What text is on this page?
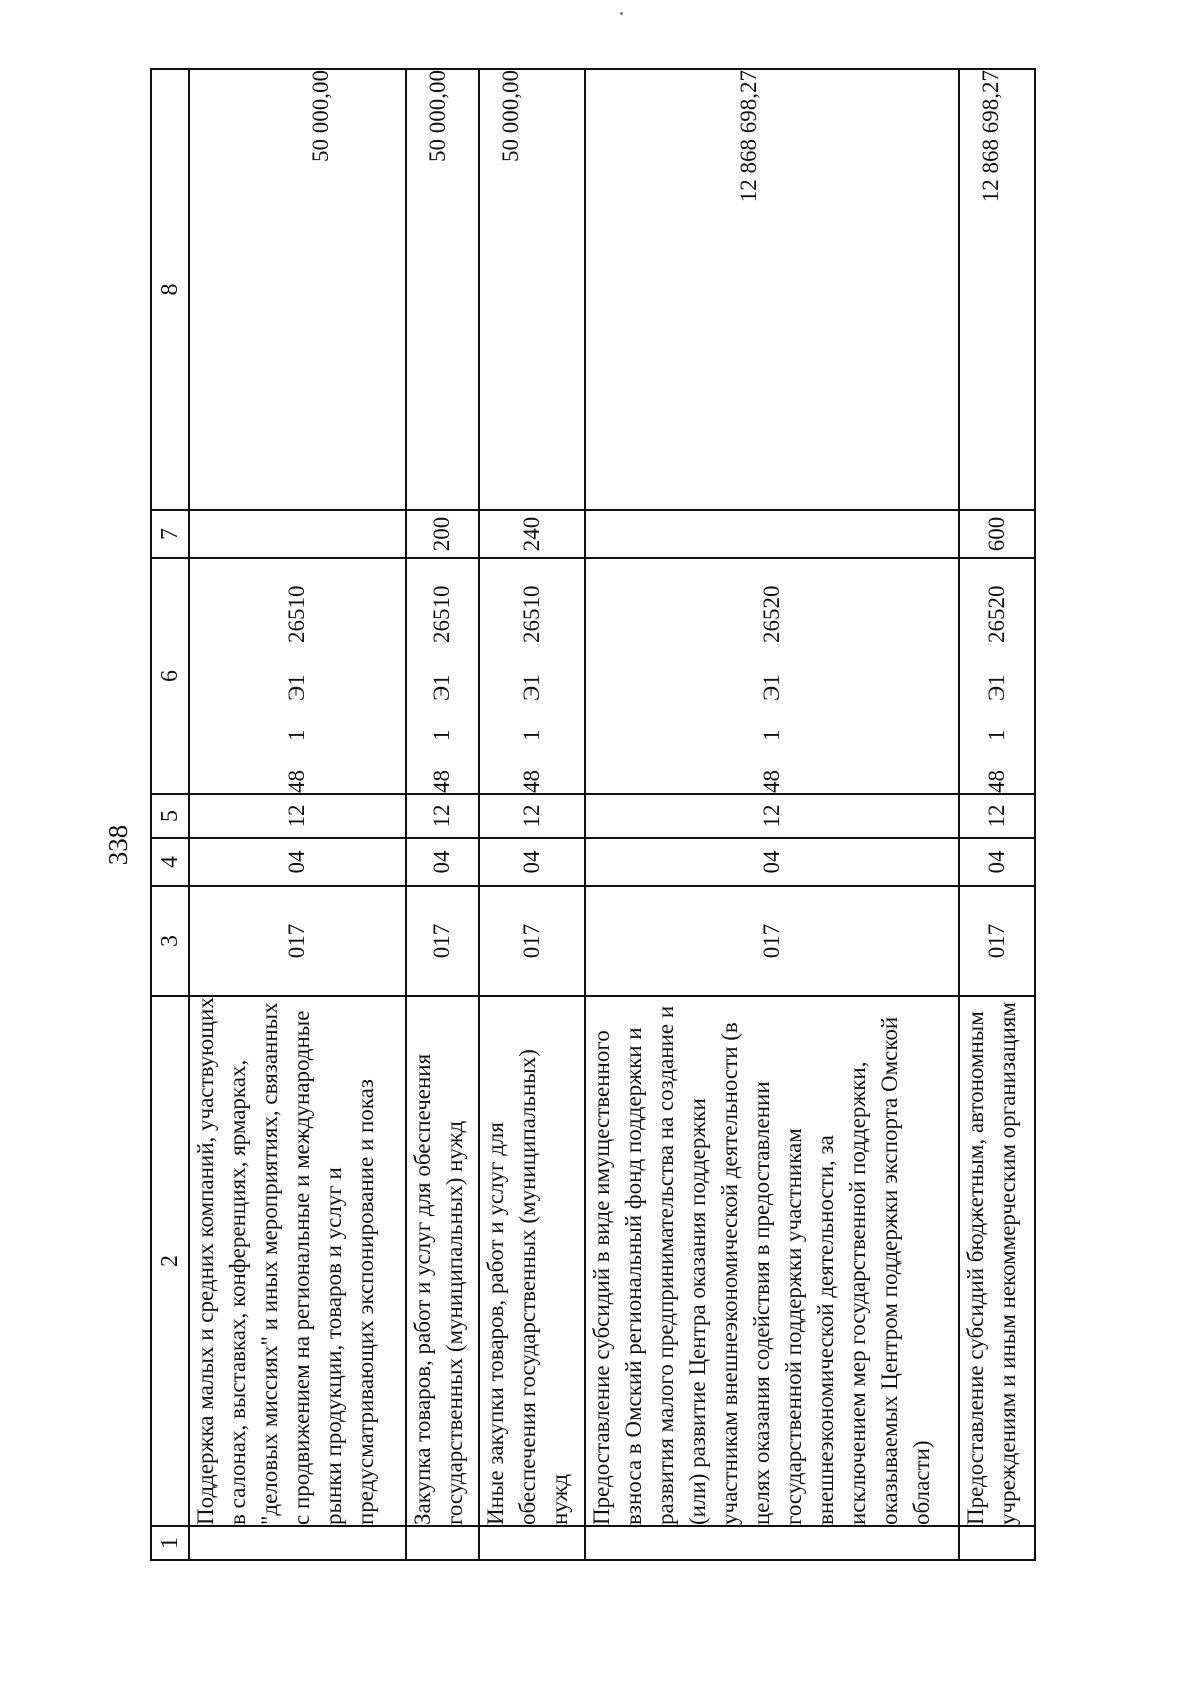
338
1	2	3	4	5	6	7	8
	Поддержка малых и средних компаний, участвующих в салонах, выставках, конференциях, ярмарках, "деловых миссиях" и иных мероприятиях, связанных с продвижением на региональные и международные рынки продукции, товаров и услуг и предусматривающих экспонирование и показ	017	04	12	481Э126510		50 000,00
	Закупка товаров, работ и услуг для обеспечения государственных (муниципальных) нужд	017	04	12	481Э126510	200	50 000,00
	Иные закупки товаров, работ и услуг для обеспечения государственных (муниципальных) нужд	017	04	12	481Э126510	240	50 000,00
	Предоставление субсидий в виде имущественного взноса в Омский региональный фонд поддержки и развития малого предпринимательства на создание и (или) развитие Центра оказания поддержки участникам внешнеэкономической деятельности (в целях оказания содействия в предоставлении государственной поддержки участникам внешнеэкономической деятельности, за исключением мер государственной поддержки, оказываемых Центром поддержки экспорта Омской области)	017	04	12	481Э126520		12 868 698,27
	Предоставление субсидий бюджетным, автономным учреждениям и иным некоммерческим организациям	017	04	12	481Э126520	600	12 868 698,27
